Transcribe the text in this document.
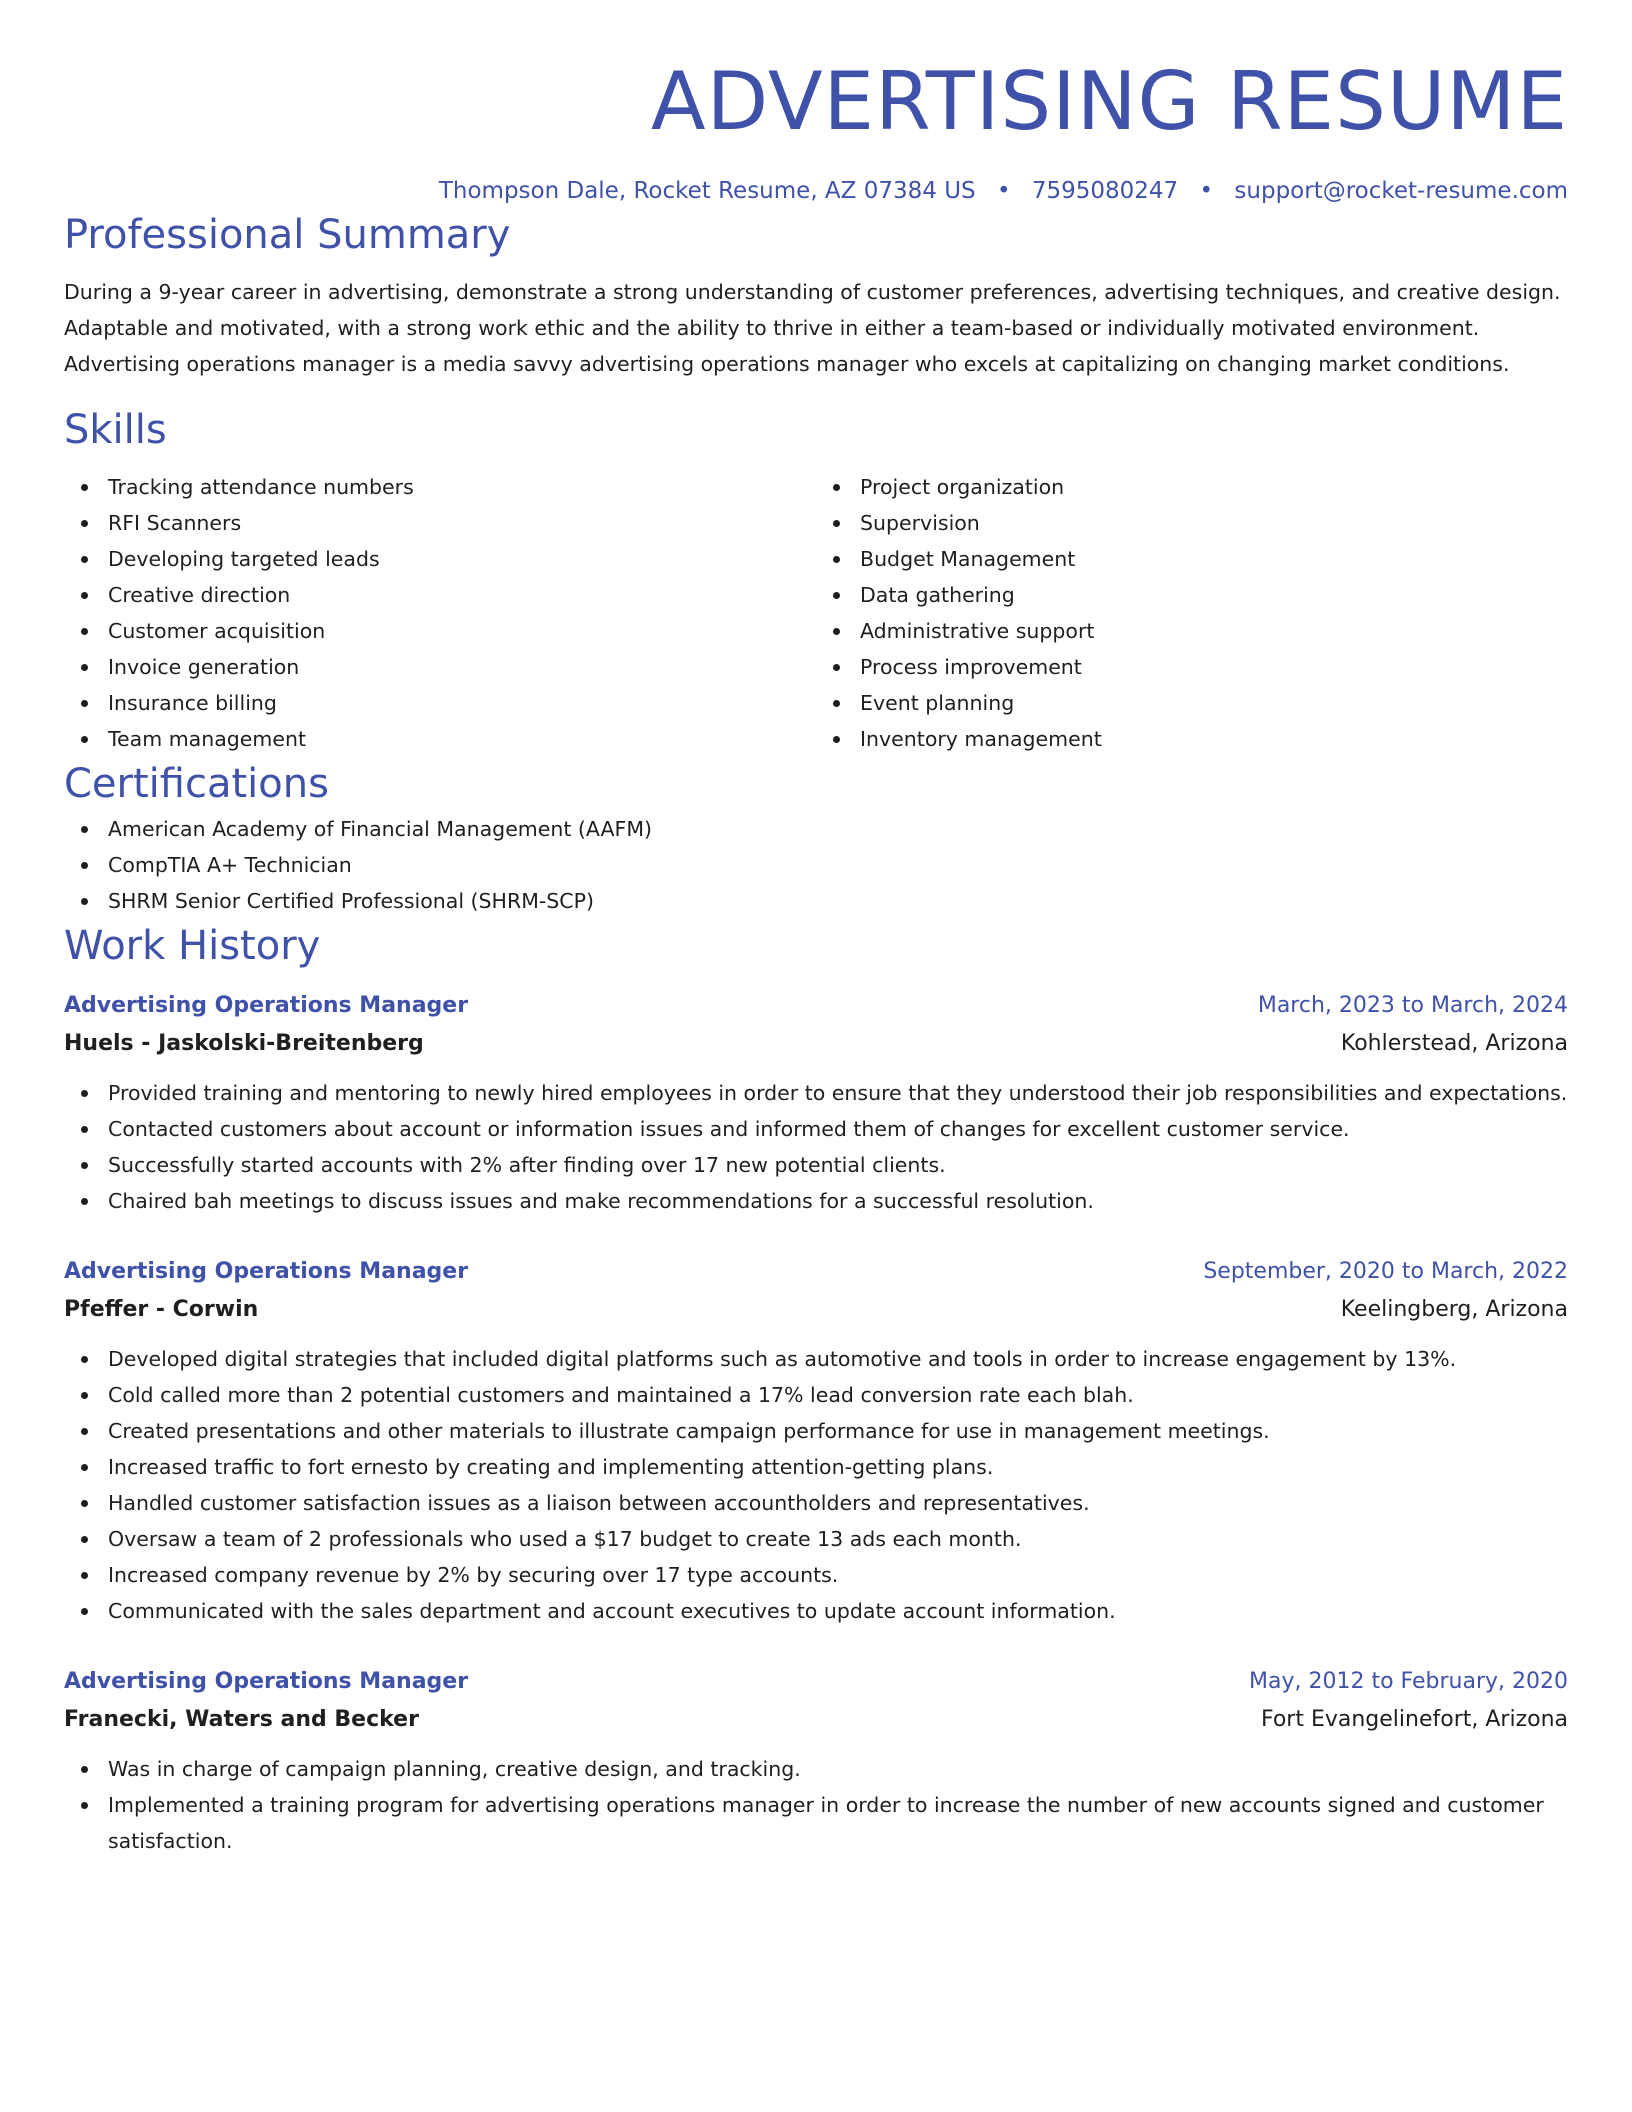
ADVERTISING RESUME
Thompson Dale, Rocket Resume, AZ 07384 US • 7595080247 • support@rocket-resume.com
Professional Summary

During a 9-year career in advertising, demonstrate a strong understanding of customer preferences, advertising techniques, and creative design. Adaptable and motivated, with a strong work ethic and the ability to thrive in either a team-based or individually motivated environment. Advertising operations manager is a media savvy advertising operations manager who excels at capitalizing on changing market conditions.

Skills
Tracking attendance numbers
RFI Scanners
Developing targeted leads
Creative direction
Customer acquisition
Invoice generation
Insurance billing
Team management
Project organization
Supervision
Budget Management
Data gathering
Administrative support
Process improvement
Event planning
Inventory management
Certifications
American Academy of Financial Management (AAFM)
CompTIA A+ Technician
SHRM Senior Certified Professional (SHRM-SCP)
Work History
Advertising Operations Manager	March, 2023 to March, 2024
Huels - Jaskolski-Breitenberg	Kohlerstead, Arizona
Provided training and mentoring to newly hired employees in order to ensure that they understood their job responsibilities and expectations.
Contacted customers about account or information issues and informed them of changes for excellent customer service.
Successfully started accounts with 2% after finding over 17 new potential clients.
Chaired bah meetings to discuss issues and make recommendations for a successful resolution.
Advertising Operations Manager	September, 2020 to March, 2022
Pfeffer - Corwin	Keelingberg, Arizona
Developed digital strategies that included digital platforms such as automotive and tools in order to increase engagement by 13%.
Cold called more than 2 potential customers and maintained a 17% lead conversion rate each blah.
Created presentations and other materials to illustrate campaign performance for use in management meetings.
Increased traffic to fort ernesto by creating and implementing attention-getting plans.
Handled customer satisfaction issues as a liaison between accountholders and representatives.
Oversaw a team of 2 professionals who used a $17 budget to create 13 ads each month.
Increased company revenue by 2% by securing over 17 type accounts.
Communicated with the sales department and account executives to update account information.
Advertising Operations Manager	May, 2012 to February, 2020
Franecki, Waters and Becker	Fort Evangelinefort, Arizona
Was in charge of campaign planning, creative design, and tracking.
Implemented a training program for advertising operations manager in order to increase the number of new accounts signed and customer satisfaction.
